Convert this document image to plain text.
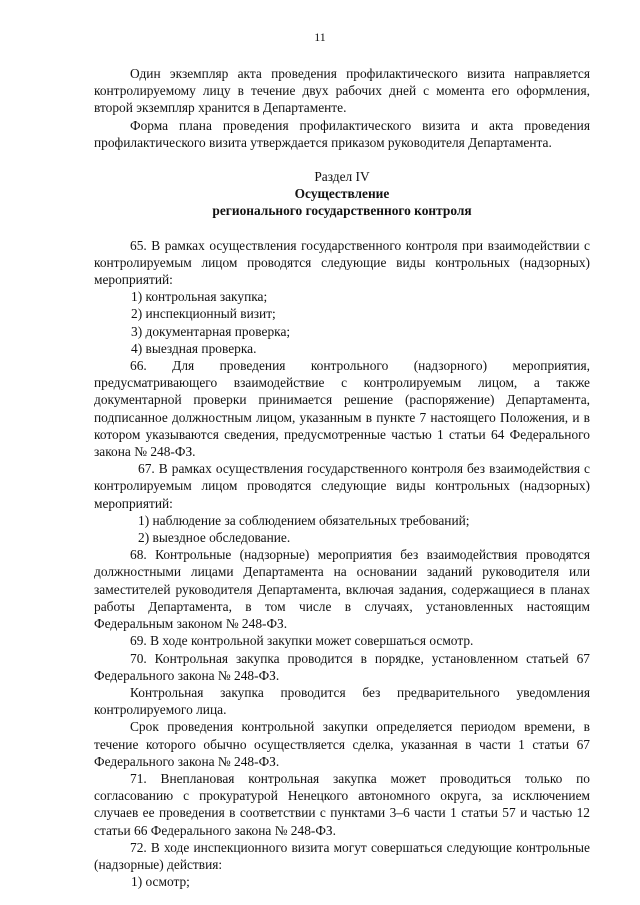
11

Один экземпляр акта проведения профилактического визита направляется контролируемому лицу в течение двух рабочих дней с момента его оформления, второй экземпляр хранится в Департаменте.

Форма плана проведения профилактического визита и акта проведения профилактического визита утверждается приказом руководителя Департамента.

Раздел IV
Осуществление
регионального государственного контроля

65. В рамках осуществления государственного контроля при взаимодействии с контролируемым лицом проводятся следующие виды контрольных (надзорных) мероприятий:

1) контрольная закупка;

2) инспекционный визит;

3) документарная проверка;

4) выездная проверка.

66. Для проведения контрольного (надзорного) мероприятия, предусматривающего взаимодействие с контролируемым лицом, а также документарной проверки принимается решение (распоряжение) Департамента, подписанное должностным лицом, указанным в пункте 7 настоящего Положения, и в котором указываются сведения, предусмотренные частью 1 статьи 64 Федерального закона № 248-ФЗ.

67. В рамках осуществления государственного контроля без взаимодействия с контролируемым лицом проводятся следующие виды контрольных (надзорных) мероприятий:

1) наблюдение за соблюдением обязательных требований;

2) выездное обследование.

68. Контрольные (надзорные) мероприятия без взаимодействия проводятся должностными лицами Департамента на основании заданий руководителя или заместителей руководителя Департамента, включая задания, содержащиеся в планах работы Департамента, в том числе в случаях, установленных настоящим Федеральным законом № 248-ФЗ.

69. В ходе контрольной закупки может совершаться осмотр.

70. Контрольная закупка проводится в порядке, установленном статьей 67 Федерального закона № 248-ФЗ.

Контрольная закупка проводится без предварительного уведомления контролируемого лица.

Срок проведения контрольной закупки определяется периодом времени, в течение которого обычно осуществляется сделка, указанная в части 1 статьи 67 Федерального закона № 248-ФЗ.

71. Внеплановая контрольная закупка может проводиться только по согласованию с прокуратурой Ненецкого автономного округа, за исключением случаев ее проведения в соответствии с пунктами 3–6 части 1 статьи 57 и частью 12 статьи 66 Федерального закона № 248-ФЗ.

72. В ходе инспекционного визита могут совершаться следующие контрольные (надзорные) действия:

1) осмотр;
